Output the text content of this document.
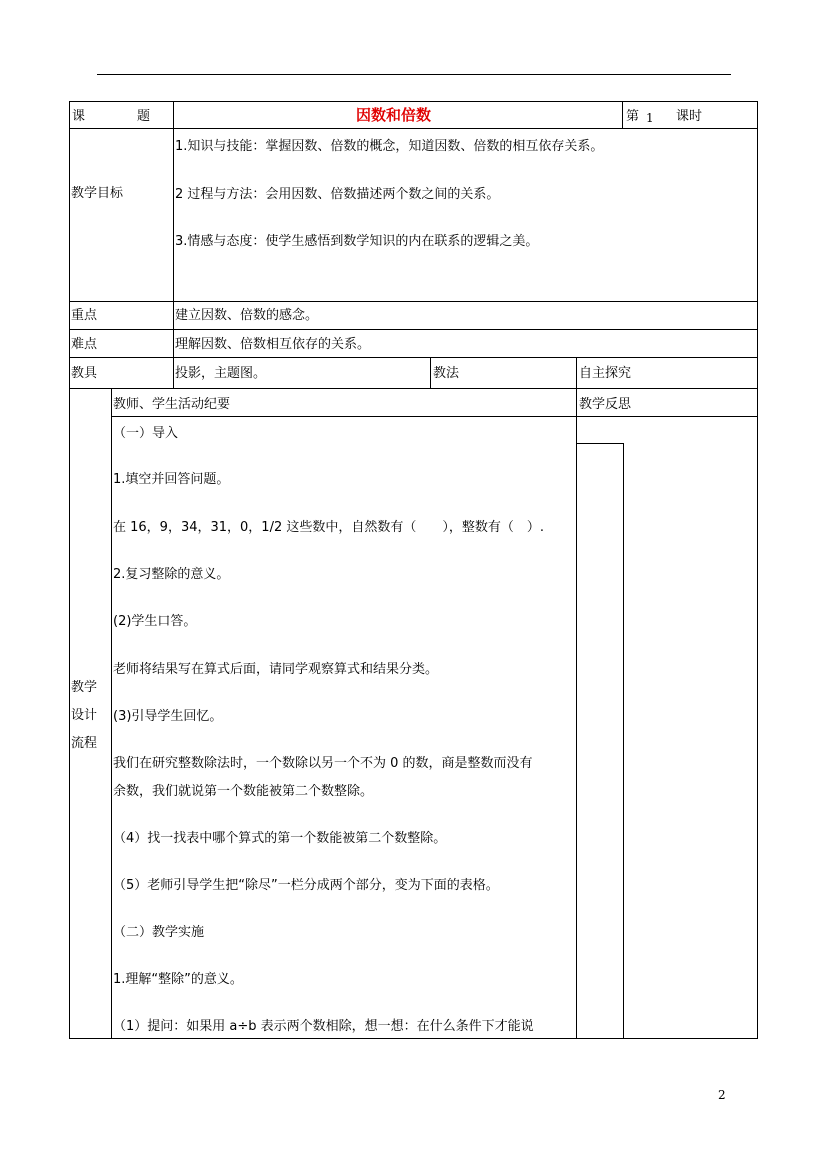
课　　　　题	因数和倍数	第 1 课时
教学目标
1.知识与技能：掌握因数、倍数的概念，知道因数、倍数的相互依存关系。
2 过程与方法：会用因数、倍数描述两个数之间的关系。
3.情感与态度：使学生感悟到数学知识的内在联系的逻辑之美。
重点	建立因数、倍数的感念。
难点	理解因数、倍数相互依存的关系。
教具	投影，主题图。	教法	自主探究
教学
设计
流程
教师、学生活动纪要	教学反思
（一）导入
1.填空并回答问题。
在 16，9，34，31，0，1/2 这些数中，自然数有（　　），整数有（　）.
2.复习整除的意义。
(2)学生口答。
老师将结果写在算式后面，请同学观察算式和结果分类。
(3)引导学生回忆。
我们在研究整数除法时，一个数除以另一个不为 0 的数，商是整数而没有
余数，我们就说第一个数能被第二个数整除。
（4）找一找表中哪个算式的第一个数能被第二个数整除。
（5）老师引导学生把“除尽”一栏分成两个部分，变为下面的表格。
（二）教学实施
1.理解“整除”的意义。
（1）提问：如果用 a÷b 表示两个数相除，想一想：在什么条件下才能说
2
